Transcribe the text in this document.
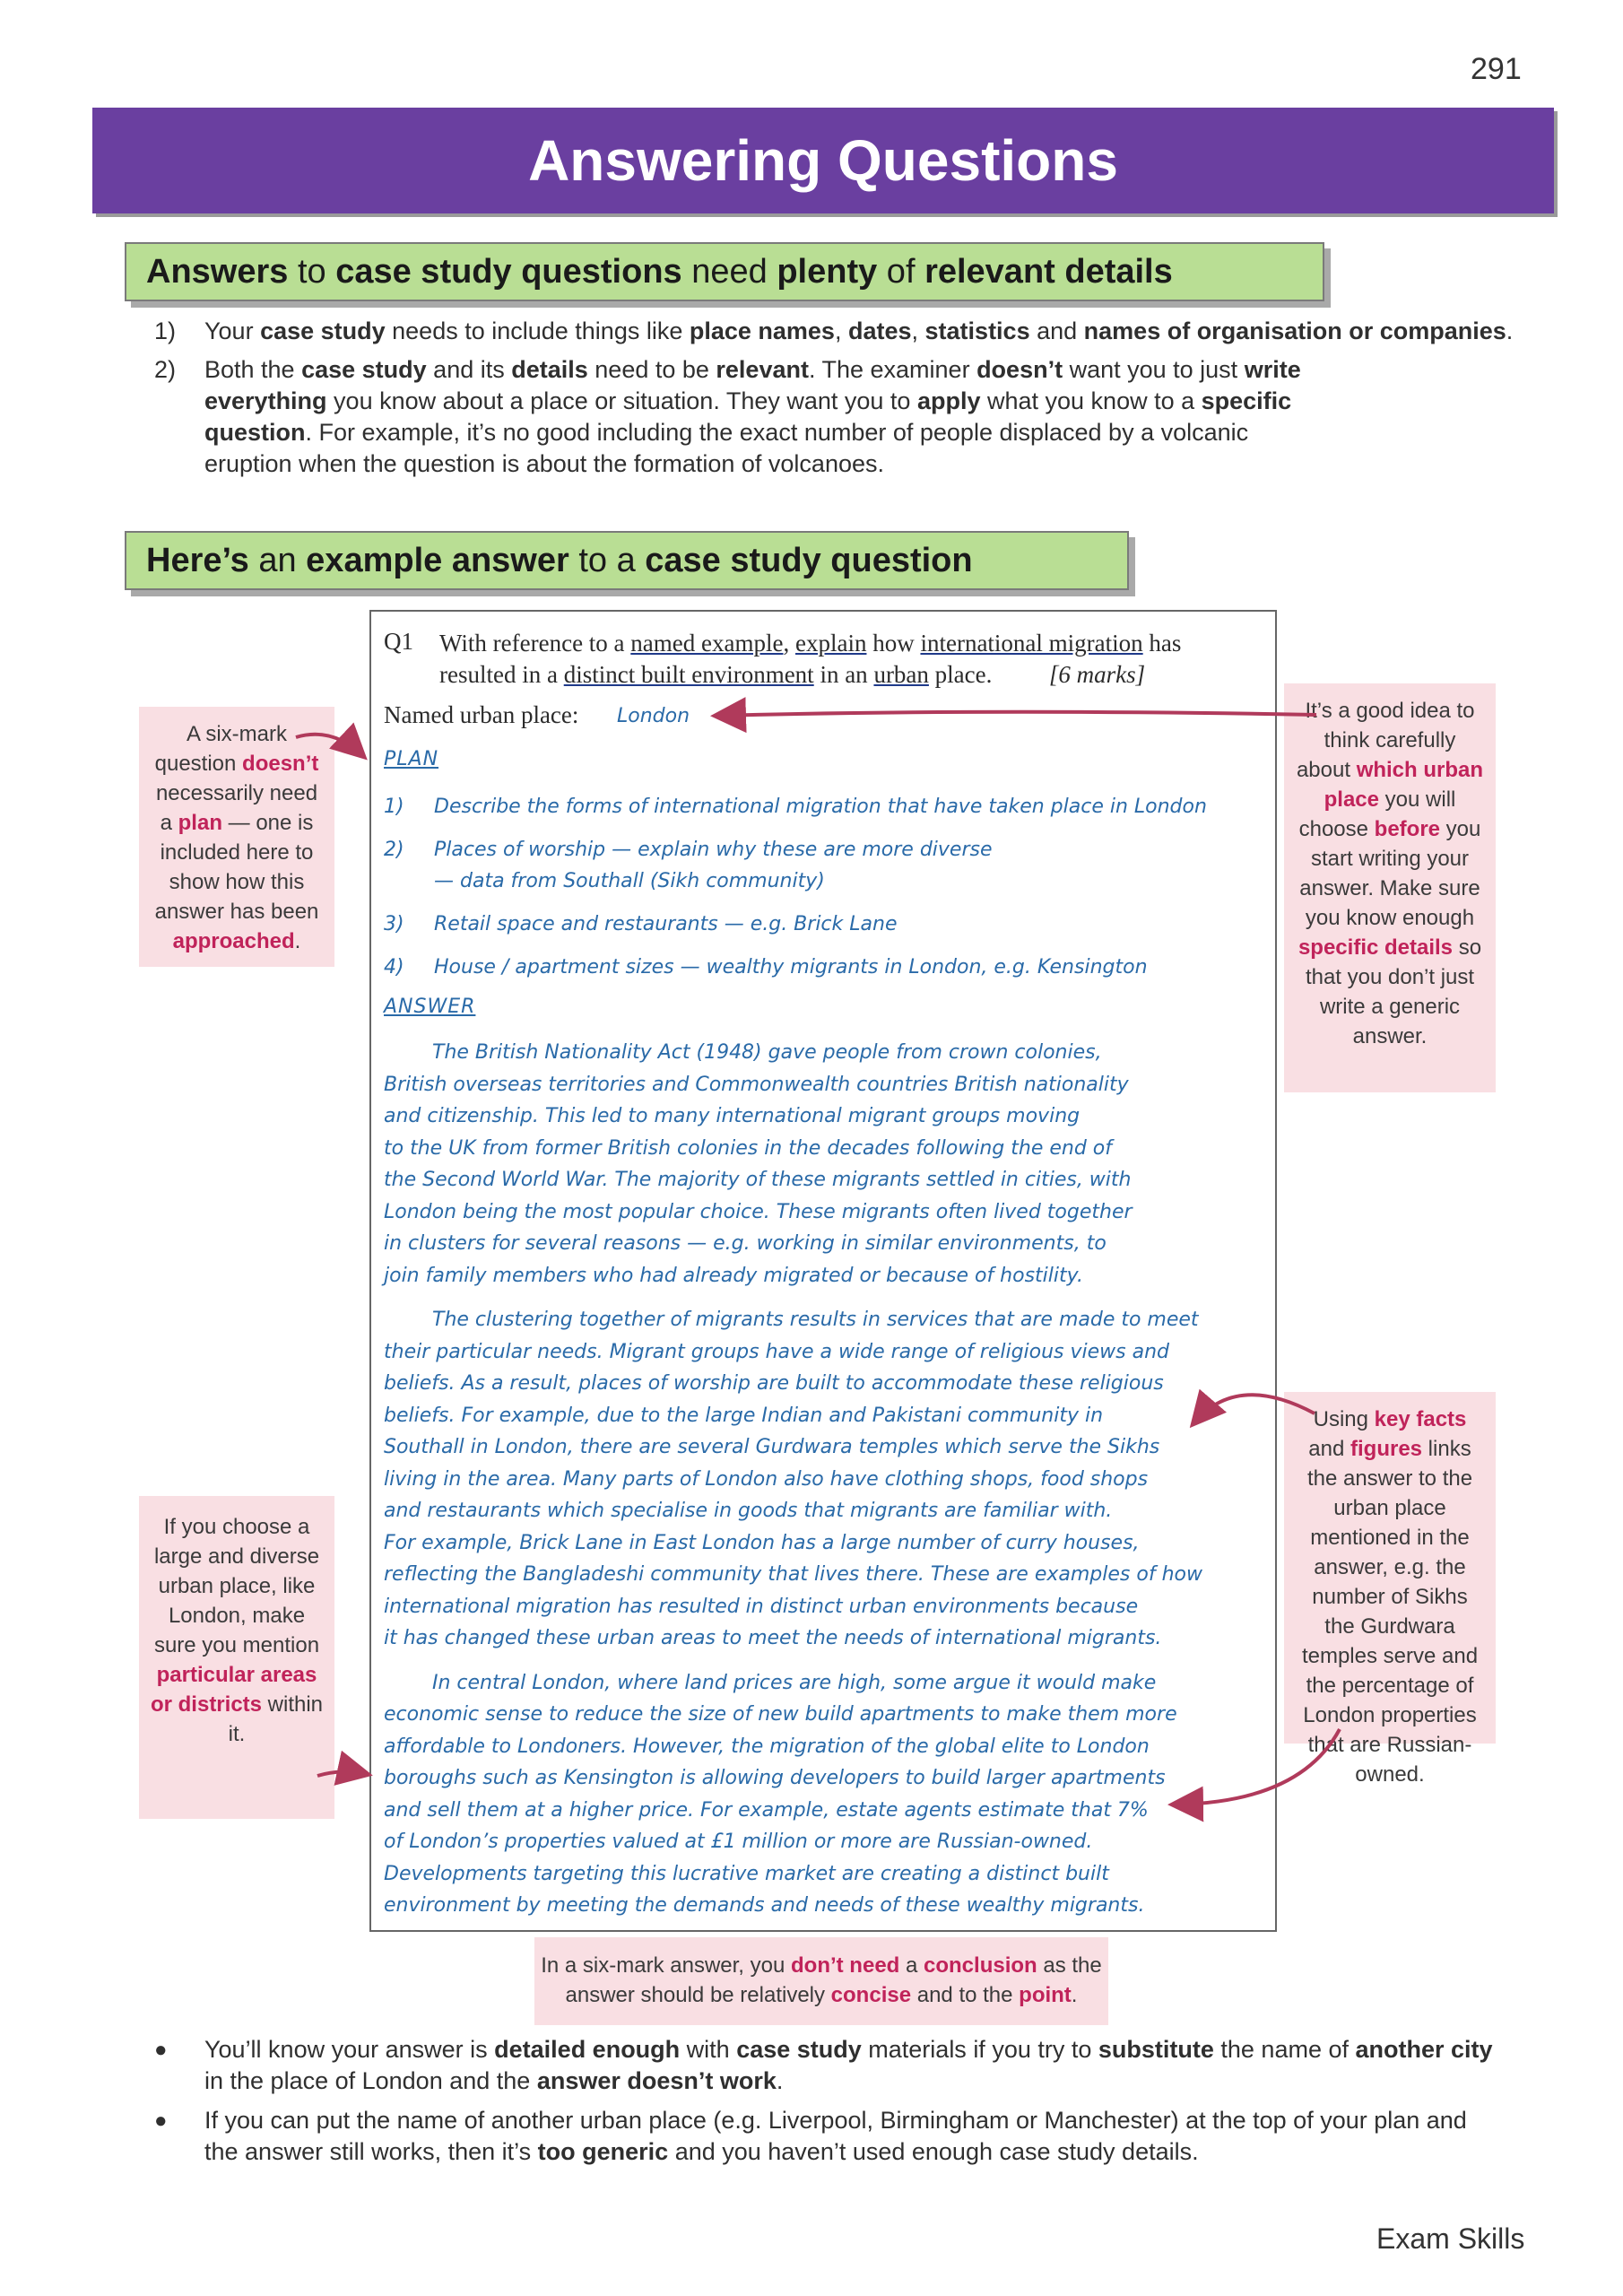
291
Answering Questions
Answers to case study questions need plenty of relevant details
1)	Your case study needs to include things like place names, dates, statistics and names of organisation or companies.
2)	Both the case study and its details need to be relevant. The examiner doesn’t want you to just write everything you know about a place or situation. They want you to apply what you know to a specific question. For example, it’s no good including the exact number of people displaced by a volcanic eruption when the question is about the formation of volcanoes.
Here’s an example answer to a case study question
Q1 With reference to a named example, explain how international migration has resulted in a distinct built environment in an urban place. [6 marks]
Named urban place: London
PLAN
1)	Describe the forms of international migration that have taken place in London
2)	Places of worship — explain why these are more diverse
— data from Southall (Sikh community)
3)	Retail space and restaurants — e.g. Brick Lane
4)	House / apartment sizes — wealthy migrants in London, e.g. Kensington
ANSWER
The British Nationality Act (1948) gave people from crown colonies,
British overseas territories and Commonwealth countries British nationality
and citizenship. This led to many international migrant groups moving
to the UK from former British colonies in the decades following the end of
the Second World War. The majority of these migrants settled in cities, with
London being the most popular choice. These migrants often lived together
in clusters for several reasons — e.g. working in similar environments, to
join family members who had already migrated or because of hostility.
The clustering together of migrants results in services that are made to meet
their particular needs. Migrant groups have a wide range of religious views and
beliefs. As a result, places of worship are built to accommodate these religious
beliefs. For example, due to the large Indian and Pakistani community in
Southall in London, there are several Gurdwara temples which serve the Sikhs
living in the area. Many parts of London also have clothing shops, food shops
and restaurants which specialise in goods that migrants are familiar with.
For example, Brick Lane in East London has a large number of curry houses,
reflecting the Bangladeshi community that lives there. These are examples of how
international migration has resulted in distinct urban environments because
it has changed these urban areas to meet the needs of international migrants.
In central London, where land prices are high, some argue it would make
economic sense to reduce the size of new build apartments to make them more
affordable to Londoners. However, the migration of the global elite to London
boroughs such as Kensington is allowing developers to build larger apartments
and sell them at a higher price. For example, estate agents estimate that 7%
of London’s properties valued at £1 million or more are Russian-owned.
Developments targeting this lucrative market are creating a distinct built
environment by meeting the demands and needs of these wealthy migrants.
A six-mark question doesn’t necessarily need a plan — one is included here to show how this answer has been approached.
It’s a good idea to think carefully about which urban place you will choose before you start writing your answer. Make sure you know enough specific details so that you don’t just write a generic answer.
If you choose a large and diverse urban place, like London, make sure you mention particular areas or districts within it.
Using key facts and figures links the answer to the urban place mentioned in the answer, e.g. the number of Sikhs the Gurdwara temples serve and the percentage of London properties that are Russian-owned.
In a six-mark answer, you don’t need a conclusion as the answer should be relatively concise and to the point.
●	You’ll know your answer is detailed enough with case study materials if you try to substitute the name of another city in the place of London and the answer doesn’t work.
●	If you can put the name of another urban place (e.g. Liverpool, Birmingham or Manchester) at the top of your plan and the answer still works, then it’s too generic and you haven’t used enough case study details.
Exam Skills
